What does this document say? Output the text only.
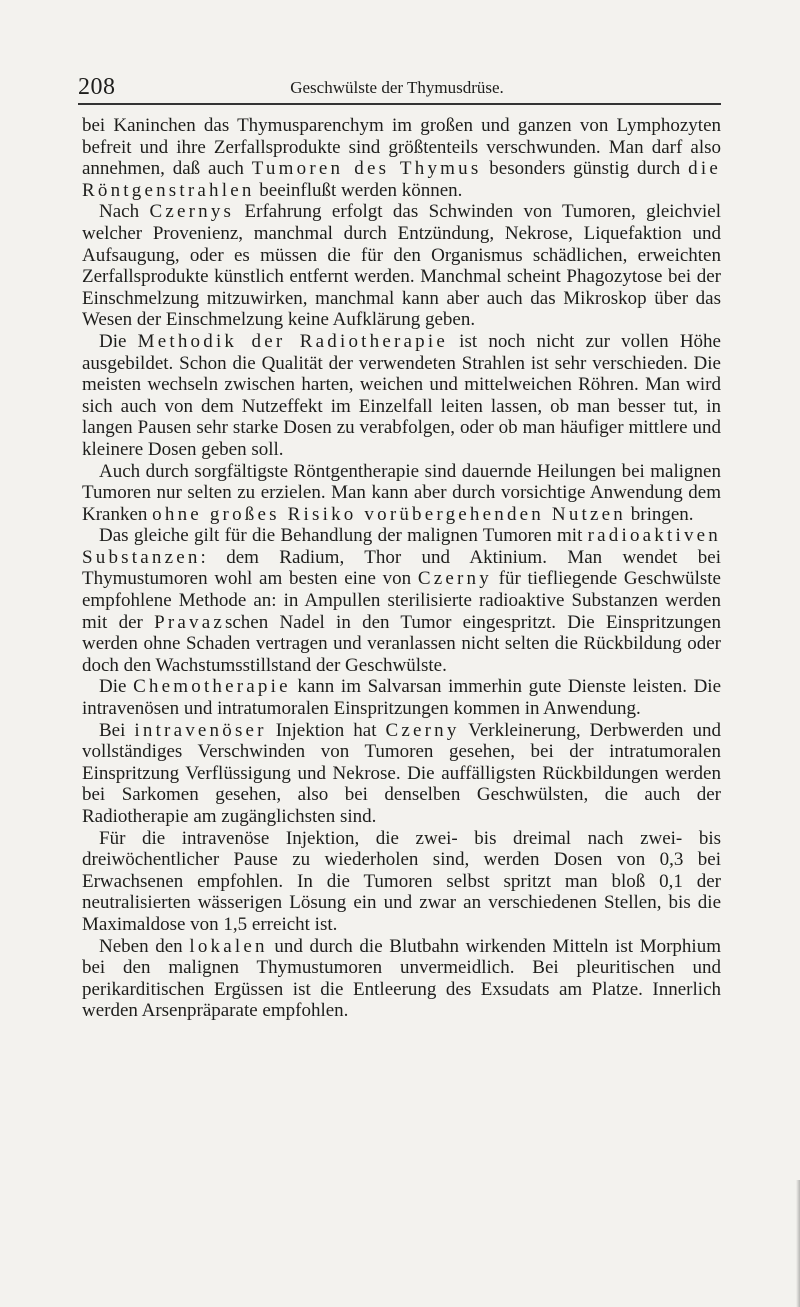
208	Geschwülste der Thymusdrüse.

bei Kaninchen das Thymusparenchym im großen und ganzen von Lymphozyten befreit und ihre Zerfallsprodukte sind größtenteils verschwunden. Man darf also annehmen, daß auch Tumoren des Thymus besonders günstig durch die Röntgenstrahlen beeinflußt werden können.

Nach Czernys Erfahrung erfolgt das Schwinden von Tumoren, gleichviel welcher Provenienz, manchmal durch Entzündung, Nekrose, Liquefaktion und Aufsaugung, oder es müssen die für den Organismus schädlichen, erweichten Zerfallsprodukte künstlich entfernt werden. Manchmal scheint Phagozytose bei der Einschmelzung mitzuwirken, manchmal kann aber auch das Mikroskop über das Wesen der Einschmelzung keine Aufklärung geben.

Die Methodik der Radiotherapie ist noch nicht zur vollen Höhe ausgebildet. Schon die Qualität der verwendeten Strahlen ist sehr verschieden. Die meisten wechseln zwischen harten, weichen und mittelweichen Röhren. Man wird sich auch von dem Nutzeffekt im Einzelfall leiten lassen, ob man besser tut, in langen Pausen sehr starke Dosen zu verabfolgen, oder ob man häufiger mittlere und kleinere Dosen geben soll.

Auch durch sorgfältigste Röntgentherapie sind dauernde Heilungen bei malignen Tumoren nur selten zu erzielen. Man kann aber durch vorsichtige Anwendung dem Kranken ohne großes Risiko vorübergehenden Nutzen bringen.

Das gleiche gilt für die Behandlung der malignen Tumoren mit radioaktiven Substanzen: dem Radium, Thor und Aktinium. Man wendet bei Thymustumoren wohl am besten eine von Czerny für tiefliegende Geschwülste empfohlene Methode an: in Ampullen sterilisierte radioaktive Substanzen werden mit der Pravazschen Nadel in den Tumor eingespritzt. Die Einspritzungen werden ohne Schaden vertragen und veranlassen nicht selten die Rückbildung oder doch den Wachstumsstillstand der Geschwülste.

Die Chemotherapie kann im Salvarsan immerhin gute Dienste leisten. Die intravenösen und intratumoralen Einspritzungen kommen in Anwendung.

Bei intravenöser Injektion hat Czerny Verkleinerung, Derbwerden und vollständiges Verschwinden von Tumoren gesehen, bei der intratumoralen Einspritzung Verflüssigung und Nekrose. Die auffälligsten Rückbildungen werden bei Sarkomen gesehen, also bei denselben Geschwülsten, die auch der Radiotherapie am zugänglichsten sind.

Für die intravenöse Injektion, die zwei- bis dreimal nach zwei- bis dreiwöchentlicher Pause zu wiederholen sind, werden Dosen von 0,3 bei Erwachsenen empfohlen. In die Tumoren selbst spritzt man bloß 0,1 der neutralisierten wässerigen Lösung ein und zwar an verschiedenen Stellen, bis die Maximaldose von 1,5 erreicht ist.

Neben den lokalen und durch die Blutbahn wirkenden Mitteln ist Morphium bei den malignen Thymustumoren unvermeidlich. Bei pleuritischen und perikarditischen Ergüssen ist die Entleerung des Exsudats am Platze. Innerlich werden Arsenpräparate empfohlen.
